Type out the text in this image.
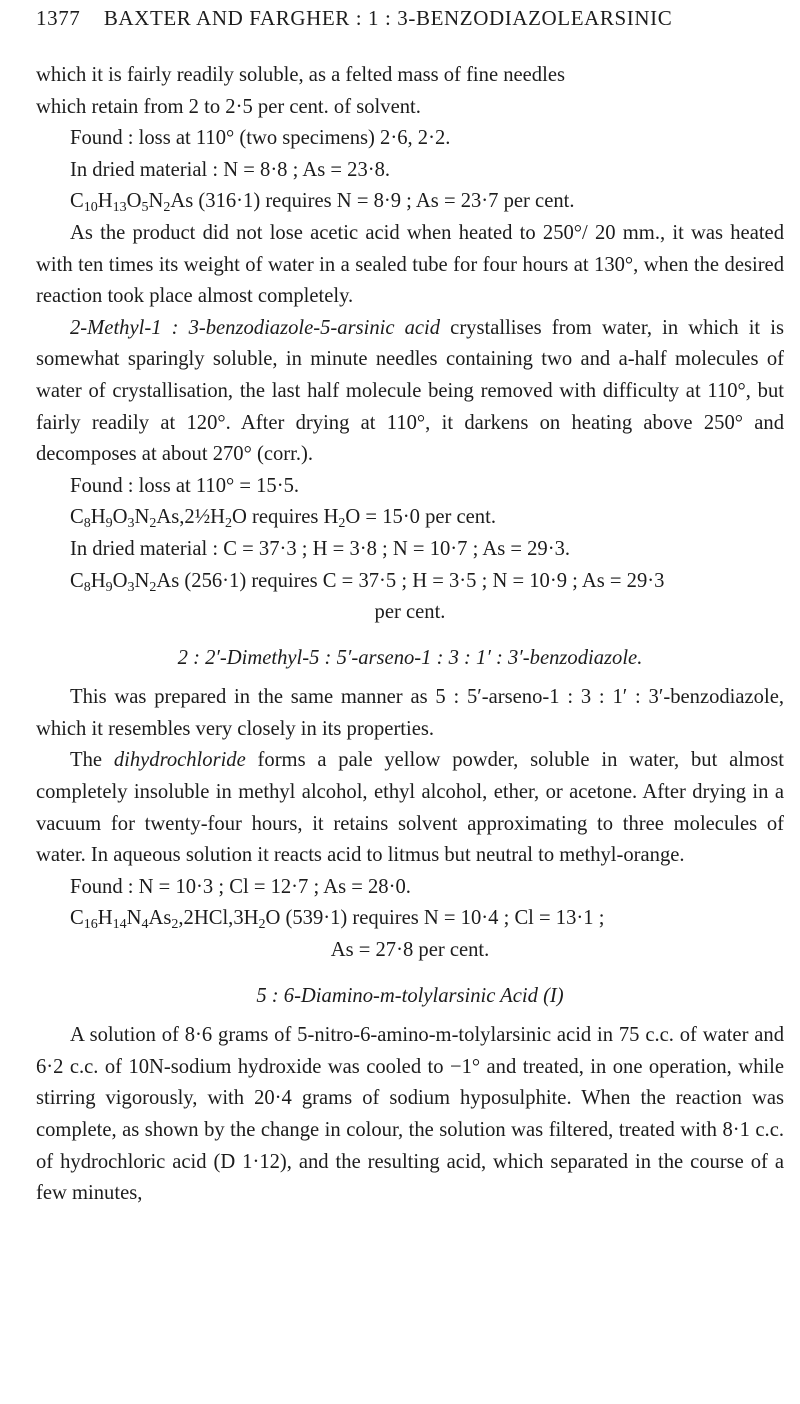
1377 BAXTER AND FARGHER : 1 : 3-BENZODIAZOLEARSINIC

which it is fairly readily soluble, as a felted mass of fine needles

which retain from 2 to 2·5 per cent. of solvent.

Found : loss at 110° (two specimens) 2·6, 2·2.

In dried material : N = 8·8 ; As = 23·8.

$C_{10}H_{13}O_5N_2As$ (316·1) requires N = 8·9 ; As = 23·7 per cent.

As the product did not lose acetic acid when heated to 250°/ 20 mm., it was heated with ten times its weight of water in a sealed tube for four hours at 130°, when the desired reaction took place almost completely.

2-Methyl-1 : 3-benzodiazole-5-arsinic acid crystallises from water, in which it is somewhat sparingly soluble, in minute needles containing two and a-half molecules of water of crystallisation, the last half molecule being removed with difficulty at 110°, but fairly readily at 120°. After drying at 110°, it darkens on heating above 250° and decomposes at about 270° (corr.).

Found : loss at 110° = 15·5.

$C_8H_9O_3N_2As,2\frac{1}{2}H_2O$ requires $H_2O = 15\cdot 0$ per cent.

In dried material : C = 37·3 ; H = 3·8 ; N = 10·7 ; As = 29·3.

$C_8H_9O_3N_2As$ (256·1) requires C = 37·5 ; H = 3·5 ; N = 10·9 ; As = 29·3

per cent.

2 : 2′-Dimethyl-5 : 5′-arseno-1 : 3 : 1′ : 3′-benzodiazole.

This was prepared in the same manner as 5 : 5′-arseno-1 : 3 : 1′ : 3′-benzodiazole, which it resembles very closely in its properties.

The dihydrochloride forms a pale yellow powder, soluble in water, but almost completely insoluble in methyl alcohol, ethyl alcohol, ether, or acetone. After drying in a vacuum for twenty-four hours, it retains solvent approximating to three molecules of water. In aqueous solution it reacts acid to litmus but neutral to methyl-orange.

Found : N = 10·3 ; Cl = 12·7 ; As = 28·0.

$C_{16}H_{14}N_4As_2,2HCl,3H_2O$ (539·1) requires N = 10·4 ; Cl = 13·1 ;

As = 27·8 per cent.

5 : 6-Diamino-m-tolylarsinic Acid (I)

A solution of 8·6 grams of 5-nitro-6-amino-m-tolylarsinic acid in 75 c.c. of water and 6·2 c.c. of 10N-sodium hydroxide was cooled to −1° and treated, in one operation, while stirring vigorously, with 20·4 grams of sodium hyposulphite. When the reaction was complete, as shown by the change in colour, the solution was filtered, treated with 8·1 c.c. of hydrochloric acid (D 1·12), and the resulting acid, which separated in the course of a few minutes,
